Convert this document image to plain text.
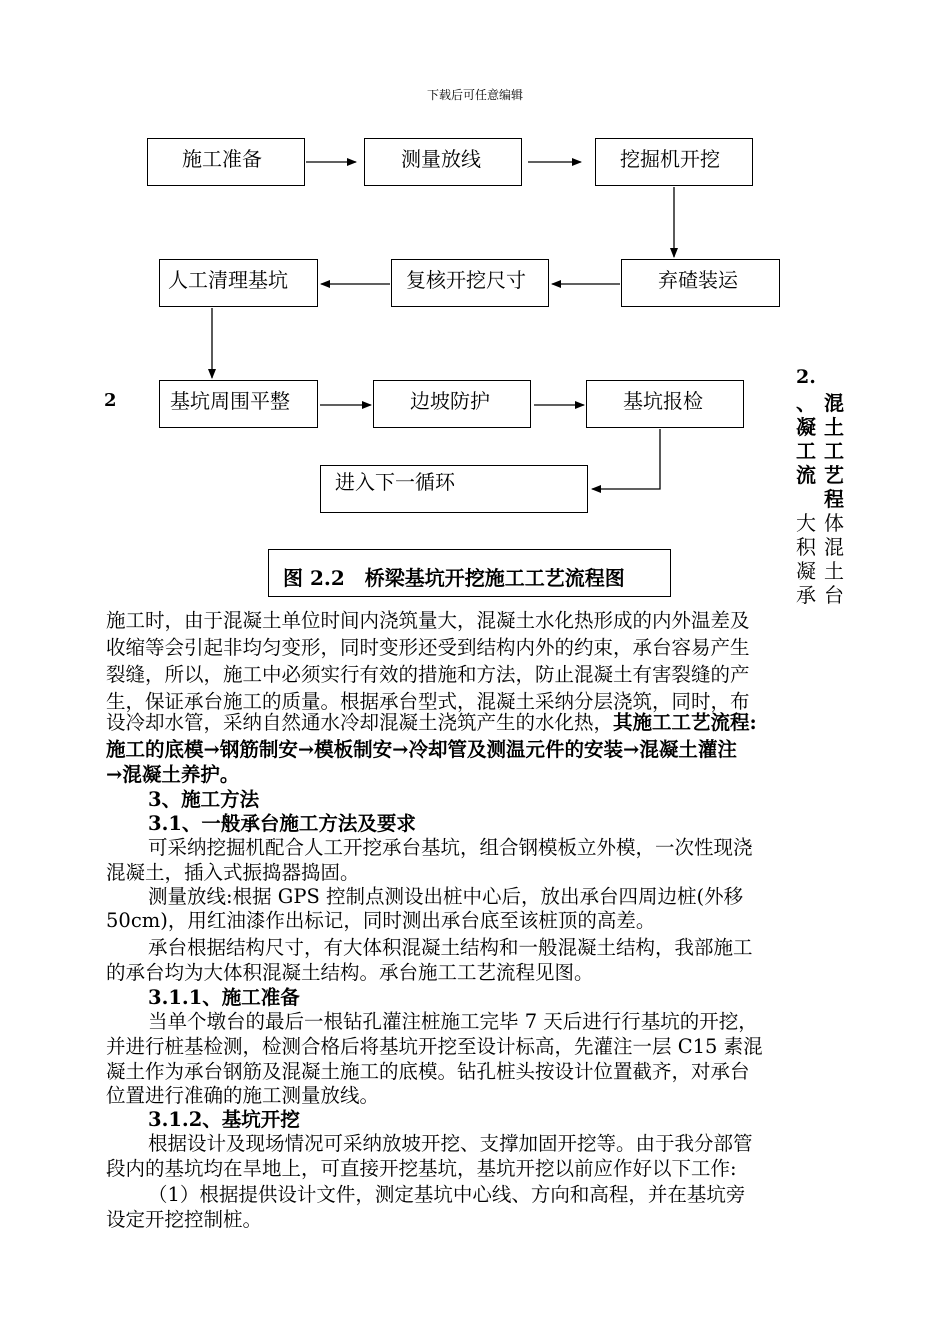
下载后可任意编辑
施工准备	测量放线	挖掘机开挖
弃碴装运
复核开挖尺寸
人工清理基坑
基坑周围平整	边坡防护	基坑报检
进入下一循环
2
图 2.2　桥梁基坑开挖施工工艺流程图
2.
、
凝
工
流
混
土
工
艺
程
大
积
凝
承
体
混
土
台
施工时，由于混凝土单位时间内浇筑量大，混凝土水化热形成的内外温差及
收缩等会引起非均匀变形，同时变形还受到结构内外的约束，承台容易产生
裂缝，所以，施工中必须实行有效的措施和方法，防止混凝土有害裂缝的产
生，保证承台施工的质量。根据承台型式，混凝土采纳分层浇筑，同时，布
设冷却水管，采纳自然通水冷却混凝土浇筑产生的水化热，其施工工艺流程:
施工的底模→钢筋制安→模板制安→冷却管及测温元件的安装→混凝土灌注
→混凝土养护。
3、施工方法
3.1、一般承台施工方法及要求
可采纳挖掘机配合人工开挖承台基坑，组合钢模板立外模，一次性现浇
混凝土，插入式振捣器捣固。
测量放线:根据 GPS 控制点测设出桩中心后，放出承台四周边桩(外移
50cm)，用红油漆作出标记，同时测出承台底至该桩顶的高差。
承台根据结构尺寸，有大体积混凝土结构和一般混凝土结构，我部施工
的承台均为大体积混凝土结构。承台施工工艺流程见图。
3.1.1、施工准备
当单个墩台的最后一根钻孔灌注桩施工完毕 7 天后进行行基坑的开挖，
并进行桩基检测，检测合格后将基坑开挖至设计标高，先灌注一层 C15 素混
凝土作为承台钢筋及混凝土施工的底模。钻孔桩头按设计位置截齐，对承台
位置进行准确的施工测量放线。
3.1.2、基坑开挖
根据设计及现场情况可采纳放坡开挖、支撑加固开挖等。由于我分部管
段内的基坑均在旱地上，可直接开挖基坑，基坑开挖以前应作好以下工作:
（1）根据提供设计文件，测定基坑中心线、方向和高程，并在基坑旁
设定开挖控制桩。
